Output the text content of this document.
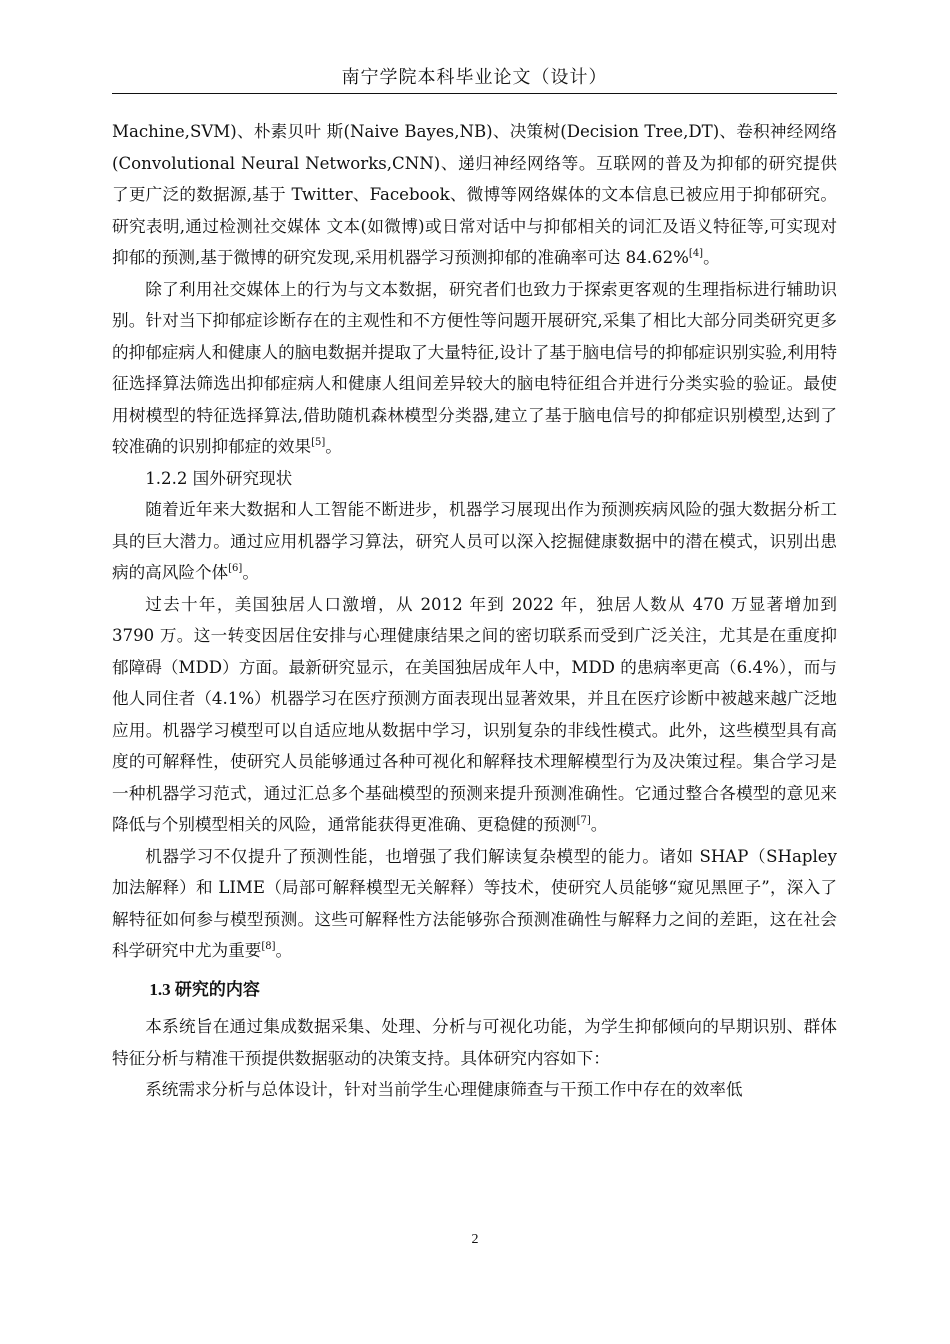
南宁学院本科毕业论文（设计）

Machine,SVM)、朴素贝叶 斯(Naive Bayes,NB)、决策树(Decision Tree,DT)、卷积神经网络(Convolutional Neural Networks,CNN)、递归神经网络等。互联网的普及为抑郁的研究提供了更广泛的数据源,基于 Twitter、Facebook、微博等网络媒体的文本信息已被应用于抑郁研究。研究表明,通过检测社交媒体 文本(如微博)或日常对话中与抑郁相关的词汇及语义特征等,可实现对抑郁的预测,基于微博的研究发现,采用机器学习预测抑郁的准确率可达 84.62%[4]。

除了利用社交媒体上的行为与文本数据，研究者们也致力于探索更客观的生理指标进行辅助识别。针对当下抑郁症诊断存在的主观性和不方便性等问题开展研究,采集了相比大部分同类研究更多的抑郁症病人和健康人的脑电数据并提取了大量特征,设计了基于脑电信号的抑郁症识别实验,利用特征选择算法筛选出抑郁症病人和健康人组间差异较大的脑电特征组合并进行分类实验的验证。最使用树模型的特征选择算法,借助随机森林模型分类器,建立了基于脑电信号的抑郁症识别模型,达到了较准确的识别抑郁症的效果[5]。

1.2.2 国外研究现状

随着近年来大数据和人工智能不断进步，机器学习展现出作为预测疾病风险的强大数据分析工具的巨大潜力。通过应用机器学习算法，研究人员可以深入挖掘健康数据中的潜在模式，识别出患病的高风险个体[6]。

过去十年，美国独居人口激增，从 2012 年到 2022 年，独居人数从 470 万显著增加到 3790 万。这一转变因居住安排与心理健康结果之间的密切联系而受到广泛关注，尤其是在重度抑郁障碍（MDD）方面。最新研究显示，在美国独居成年人中，MDD 的患病率更高（6.4%），而与他人同住者（4.1%）机器学习在医疗预测方面表现出显著效果，并且在医疗诊断中被越来越广泛地应用。机器学习模型可以自适应地从数据中学习，识别复杂的非线性模式。此外，这些模型具有高度的可解释性，使研究人员能够通过各种可视化和解释技术理解模型行为及决策过程。集合学习是一种机器学习范式，通过汇总多个基础模型的预测来提升预测准确性。它通过整合各模型的意见来降低与个别模型相关的风险，通常能获得更准确、更稳健的预测[7]。

机器学习不仅提升了预测性能，也增强了我们解读复杂模型的能力。诸如 SHAP（SHapley 加法解释）和 LIME（局部可解释模型无关解释）等技术，使研究人员能够“窥见黑匣子”，深入了解特征如何参与模型预测。这些可解释性方法能够弥合预测准确性与解释力之间的差距，这在社会科学研究中尤为重要[8]。

1.3 研究的内容

本系统旨在通过集成数据采集、处理、分析与可视化功能，为学生抑郁倾向的早期识别、群体特征分析与精准干预提供数据驱动的决策支持。具体研究内容如下：

系统需求分析与总体设计，针对当前学生心理健康筛查与干预工作中存在的效率低

2
